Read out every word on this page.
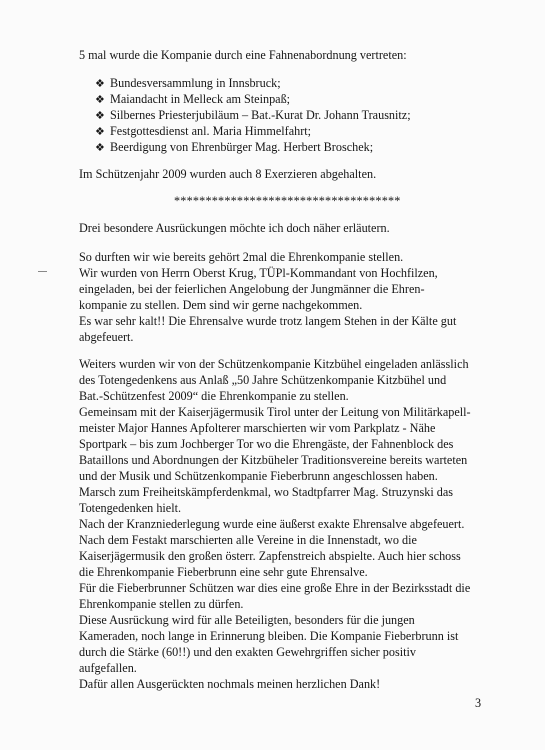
5 mal wurde die Kompanie durch eine Fahnenabordnung vertreten:
❖ Bundesversammlung in Innsbruck;
❖ Maiandacht in Melleck am Steinpaß;
❖ Silbernes Priesterjubiläum – Bat.-Kurat Dr. Johann Trausnitz;
❖ Festgottesdienst anl. Maria Himmelfahrt;
❖ Beerdigung von Ehrenbürger Mag. Herbert Broschek;
Im Schützenjahr 2009 wurden auch 8 Exerzieren abgehalten.
************************************
Drei besondere Ausrückungen möchte ich doch näher erläutern.
So durften wir wie bereits gehört 2mal die Ehrenkompanie stellen.
Wir wurden von Herrn Oberst Krug, TÜPl-Kommandant von Hochfilzen,
eingeladen, bei der feierlichen Angelobung der Jungmänner die Ehren-
kompanie zu stellen. Dem sind wir gerne nachgekommen.
Es war sehr kalt!! Die Ehrensalve wurde trotz langem Stehen in der Kälte gut
abgefeuert.
Weiters wurden wir von der Schützenkompanie Kitzbühel eingeladen anlässlich
des Totengedenkens aus Anlaß „50 Jahre Schützenkompanie Kitzbühel und
Bat.-Schützenfest 2009“ die Ehrenkompanie zu stellen.
Gemeinsam mit der Kaiserjägermusik Tirol unter der Leitung von Militärkapell-
meister Major Hannes Apfolterer marschierten wir vom Parkplatz - Nähe
Sportpark – bis zum Jochberger Tor wo die Ehrengäste, der Fahnenblock des
Bataillons und Abordnungen der Kitzbüheler Traditionsvereine bereits warteten
und der Musik und Schützenkompanie Fieberbrunn angeschlossen haben.
Marsch zum Freiheitskämpferdenkmal, wo Stadtpfarrer Mag. Struzynski das
Totengedenken hielt.
Nach der Kranzniederlegung wurde eine äußerst exakte Ehrensalve abgefeuert.
Nach dem Festakt marschierten alle Vereine in die Innenstadt, wo die
Kaiserjägermusik den großen österr. Zapfenstreich abspielte. Auch hier schoss
die Ehrenkompanie Fieberbrunn eine sehr gute Ehrensalve.
Für die Fieberbrunner Schützen war dies eine große Ehre in der Bezirksstadt die
Ehrenkompanie stellen zu dürfen.
Diese Ausrückung wird für alle Beteiligten, besonders für die jungen
Kameraden, noch lange in Erinnerung bleiben. Die Kompanie Fieberbrunn ist
durch die Stärke (60!!) und den exakten Gewehrgriffen sicher positiv
aufgefallen.
Dafür allen Ausgerückten nochmals meinen herzlichen Dank!
3
